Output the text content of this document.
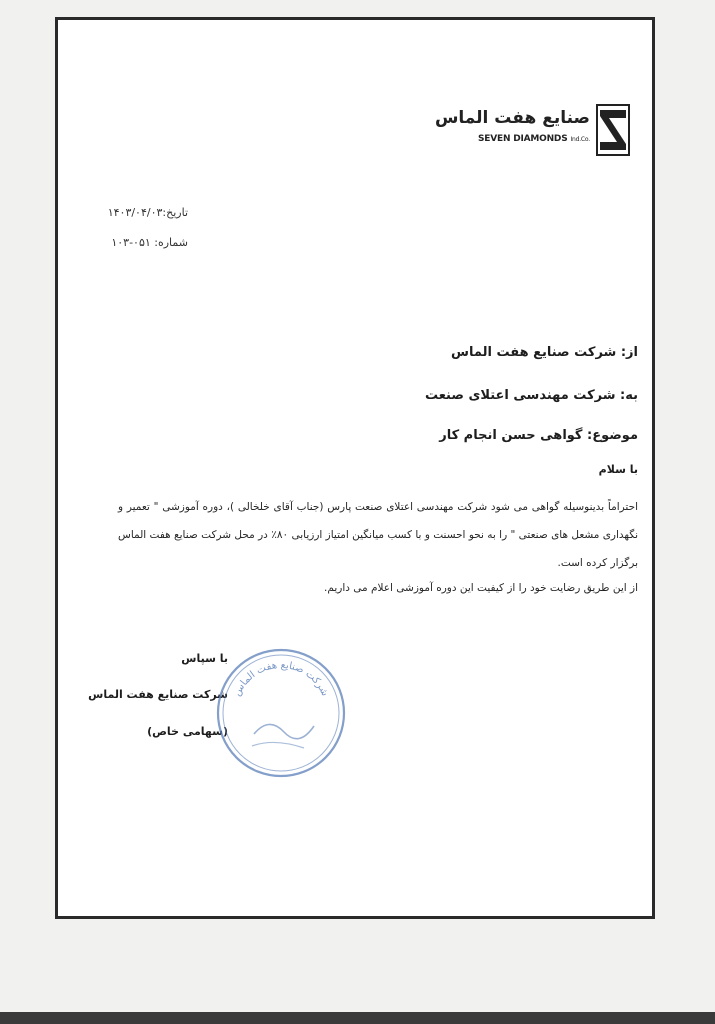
صنایع هفت الماس
SEVEN DIAMONDS Ind.Co.
تاریخ:۱۴۰۳/۰۴/۰۳
شماره: ۰۵۱-۱۰۳
از: شرکت صنایع هفت الماس
به: شرکت مهندسی اعتلای صنعت
موضوع: گواهی حسن انجام کار
با سلام
احتراماً بدینوسیله گواهی می شود شرکت مهندسی اعتلای صنعت پارس (جناب آقای خلخالی )، دوره آموزشی " تعمیر و نگهداری مشعل های صنعتی " را به نحو احسنت و با کسب میانگین امتیاز ارزیابی ۸۰٪ در محل شرکت صنایع هفت الماس برگزار کرده است.
از این طریق رضایت خود را از کیفیت این دوره آموزشی اعلام می داریم.
با سپاس
شرکت صنایع هفت الماس
(سهامی خاص)
شرکت صنایع هفت الماس
